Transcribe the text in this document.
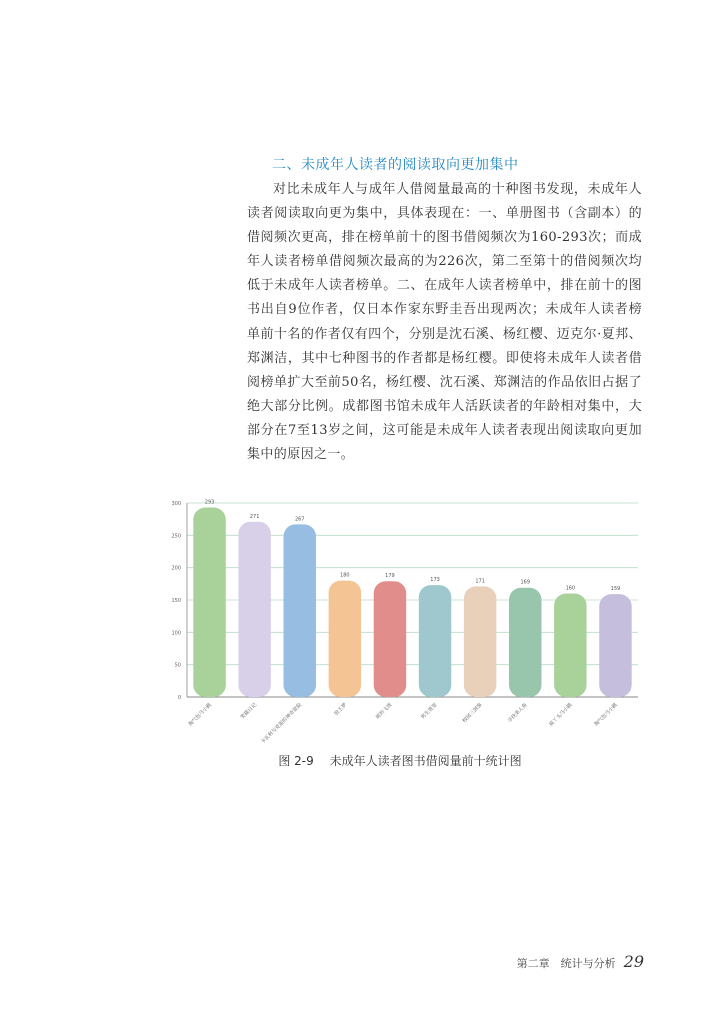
二、未成年人读者的阅读取向更加集中

对比未成年人与成年人借阅量最高的十种图书发现，未成年人读者阅读取向更为集中，具体表现在：一、单册图书（含副本）的借阅频次更高，排在榜单前十的图书借阅频次为160-293次；而成年人读者榜单借阅频次最高的为226次，第二至第十的借阅频次均低于未成年人读者榜单。二、在成年人读者榜单中，排在前十的图书出自9位作者，仅日本作家东野圭吾出现两次；未成年人读者榜单前十名的作者仅有四个，分别是沈石溪、杨红樱、迈克尔·夏邦、郑渊洁，其中七种图书的作者都是杨红樱。即使将未成年人读者借阅榜单扩大至前50名，杨红樱、沈石溪、郑渊洁的作品依旧占据了绝大部分比例。成都图书馆未成年人活跃读者的年龄相对集中，大部分在7至13岁之间，这可能是未成年人读者表现出阅读取向更加集中的原因之一。

0
50
100
150
200
250
300	293
淘气包马小跳
271
笑猫日记
267
卡瓦利与克雷的神奇冒险
180
狼王梦
179
斑羚飞渡
173
男生贾里
171
校园三剑客
169
寻找美人鱼
160
疯丫头马小跳
159
淘气包马小跳
图 2-9 未成年人读者图书借阅量前十统计图
第二章　统计与分析 29
